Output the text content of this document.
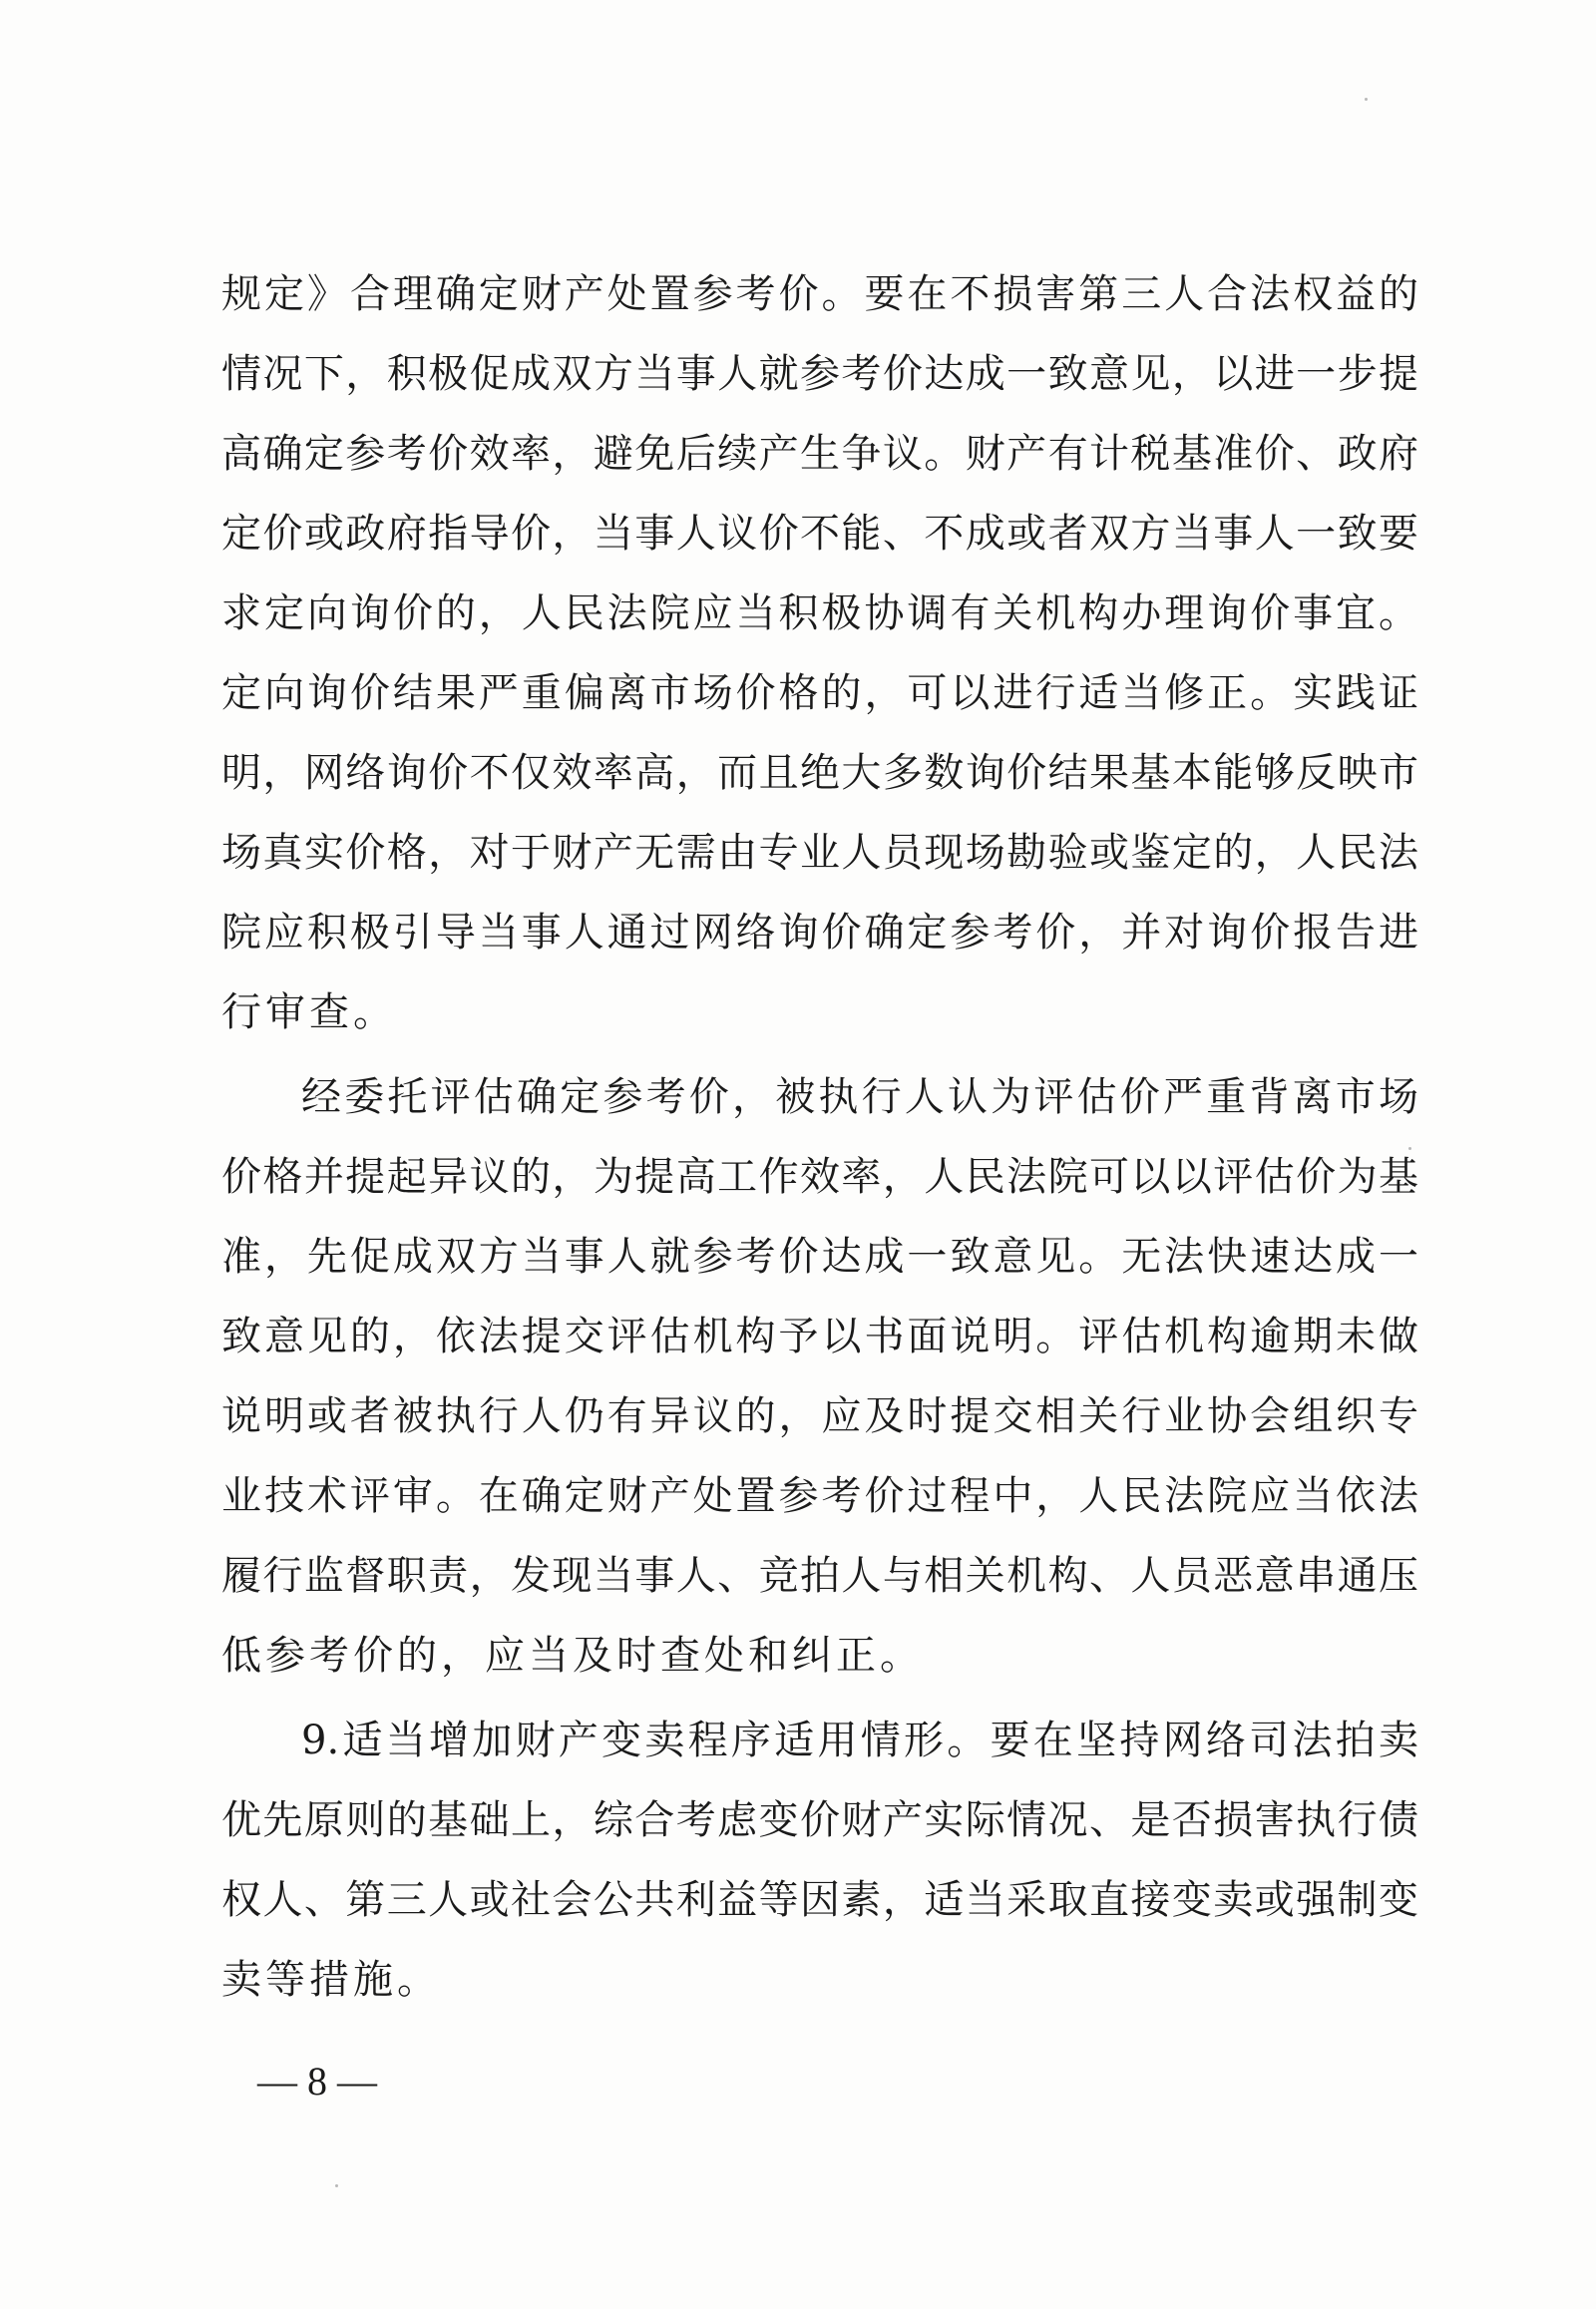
规定》合理确定财产处置参考价。要在不损害第三人合法权益的
情况下，积极促成双方当事人就参考价达成一致意见，以进一步提
高确定参考价效率，避免后续产生争议。财产有计税基准价、政府
定价或政府指导价，当事人议价不能、不成或者双方当事人一致要
求定向询价的，人民法院应当积极协调有关机构办理询价事宜。
定向询价结果严重偏离市场价格的，可以进行适当修正。实践证
明，网络询价不仅效率高，而且绝大多数询价结果基本能够反映市
场真实价格，对于财产无需由专业人员现场勘验或鉴定的，人民法
院应积极引导当事人通过网络询价确定参考价，并对询价报告进
行审查。
经委托评估确定参考价，被执行人认为评估价严重背离市场
价格并提起异议的，为提高工作效率，人民法院可以以评估价为基
准，先促成双方当事人就参考价达成一致意见。无法快速达成一
致意见的，依法提交评估机构予以书面说明。评估机构逾期未做
说明或者被执行人仍有异议的，应及时提交相关行业协会组织专
业技术评审。在确定财产处置参考价过程中，人民法院应当依法
履行监督职责，发现当事人、竞拍人与相关机构、人员恶意串通压
低参考价的，应当及时查处和纠正。
9.适当增加财产变卖程序适用情形。要在坚持网络司法拍卖
优先原则的基础上，综合考虑变价财产实际情况、是否损害执行债
权人、第三人或社会公共利益等因素，适当采取直接变卖或强制变
卖等措施。
— 8 —
